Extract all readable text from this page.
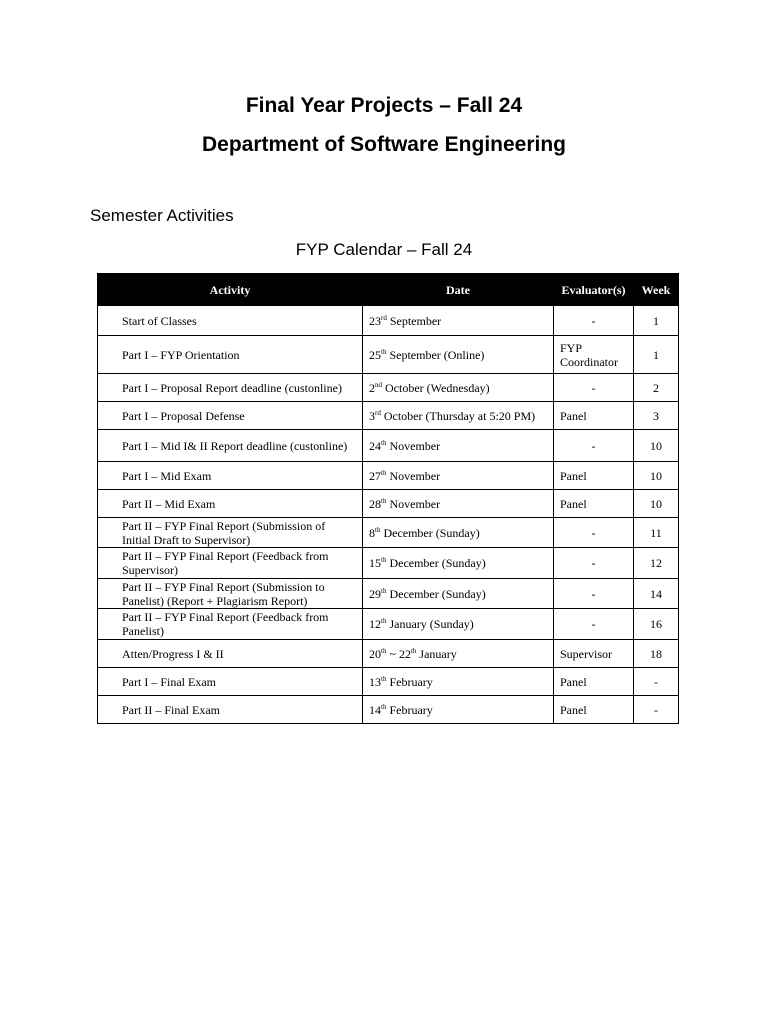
Final Year Projects – Fall 24
Department of Software Engineering

Semester Activities

FYP Calendar – Fall 24

Activity	Date	Evaluator(s)	Week
Start of Classes	23rd September	-	1
Part I – FYP Orientation	25th September (Online)	FYP Coordinator	1
Part I – Proposal Report deadline (custonline)	2nd October (Wednesday)	-	2
Part I – Proposal Defense	3rd October (Thursday at 5:20 PM)	Panel	3
Part I – Mid I& II Report deadline (custonline)	24th November	-	10
Part I – Mid Exam	27th November	Panel	10
Part II – Mid Exam	28th November	Panel	10
Part II – FYP Final Report (Submission of Initial Draft to Supervisor)	8th December (Sunday)	-	11
Part II – FYP Final Report (Feedback from Supervisor)	15th December (Sunday)	-	12
Part II – FYP Final Report (Submission to Panelist) (Report + Plagiarism Report)	29th December (Sunday)	-	14
Part II – FYP Final Report (Feedback from Panelist)	12th January (Sunday)	-	16
Atten/Progress I & II	20th ~ 22th January	Supervisor	18
Part I – Final Exam	13th February	Panel	-
Part II – Final Exam	14th February	Panel	-
